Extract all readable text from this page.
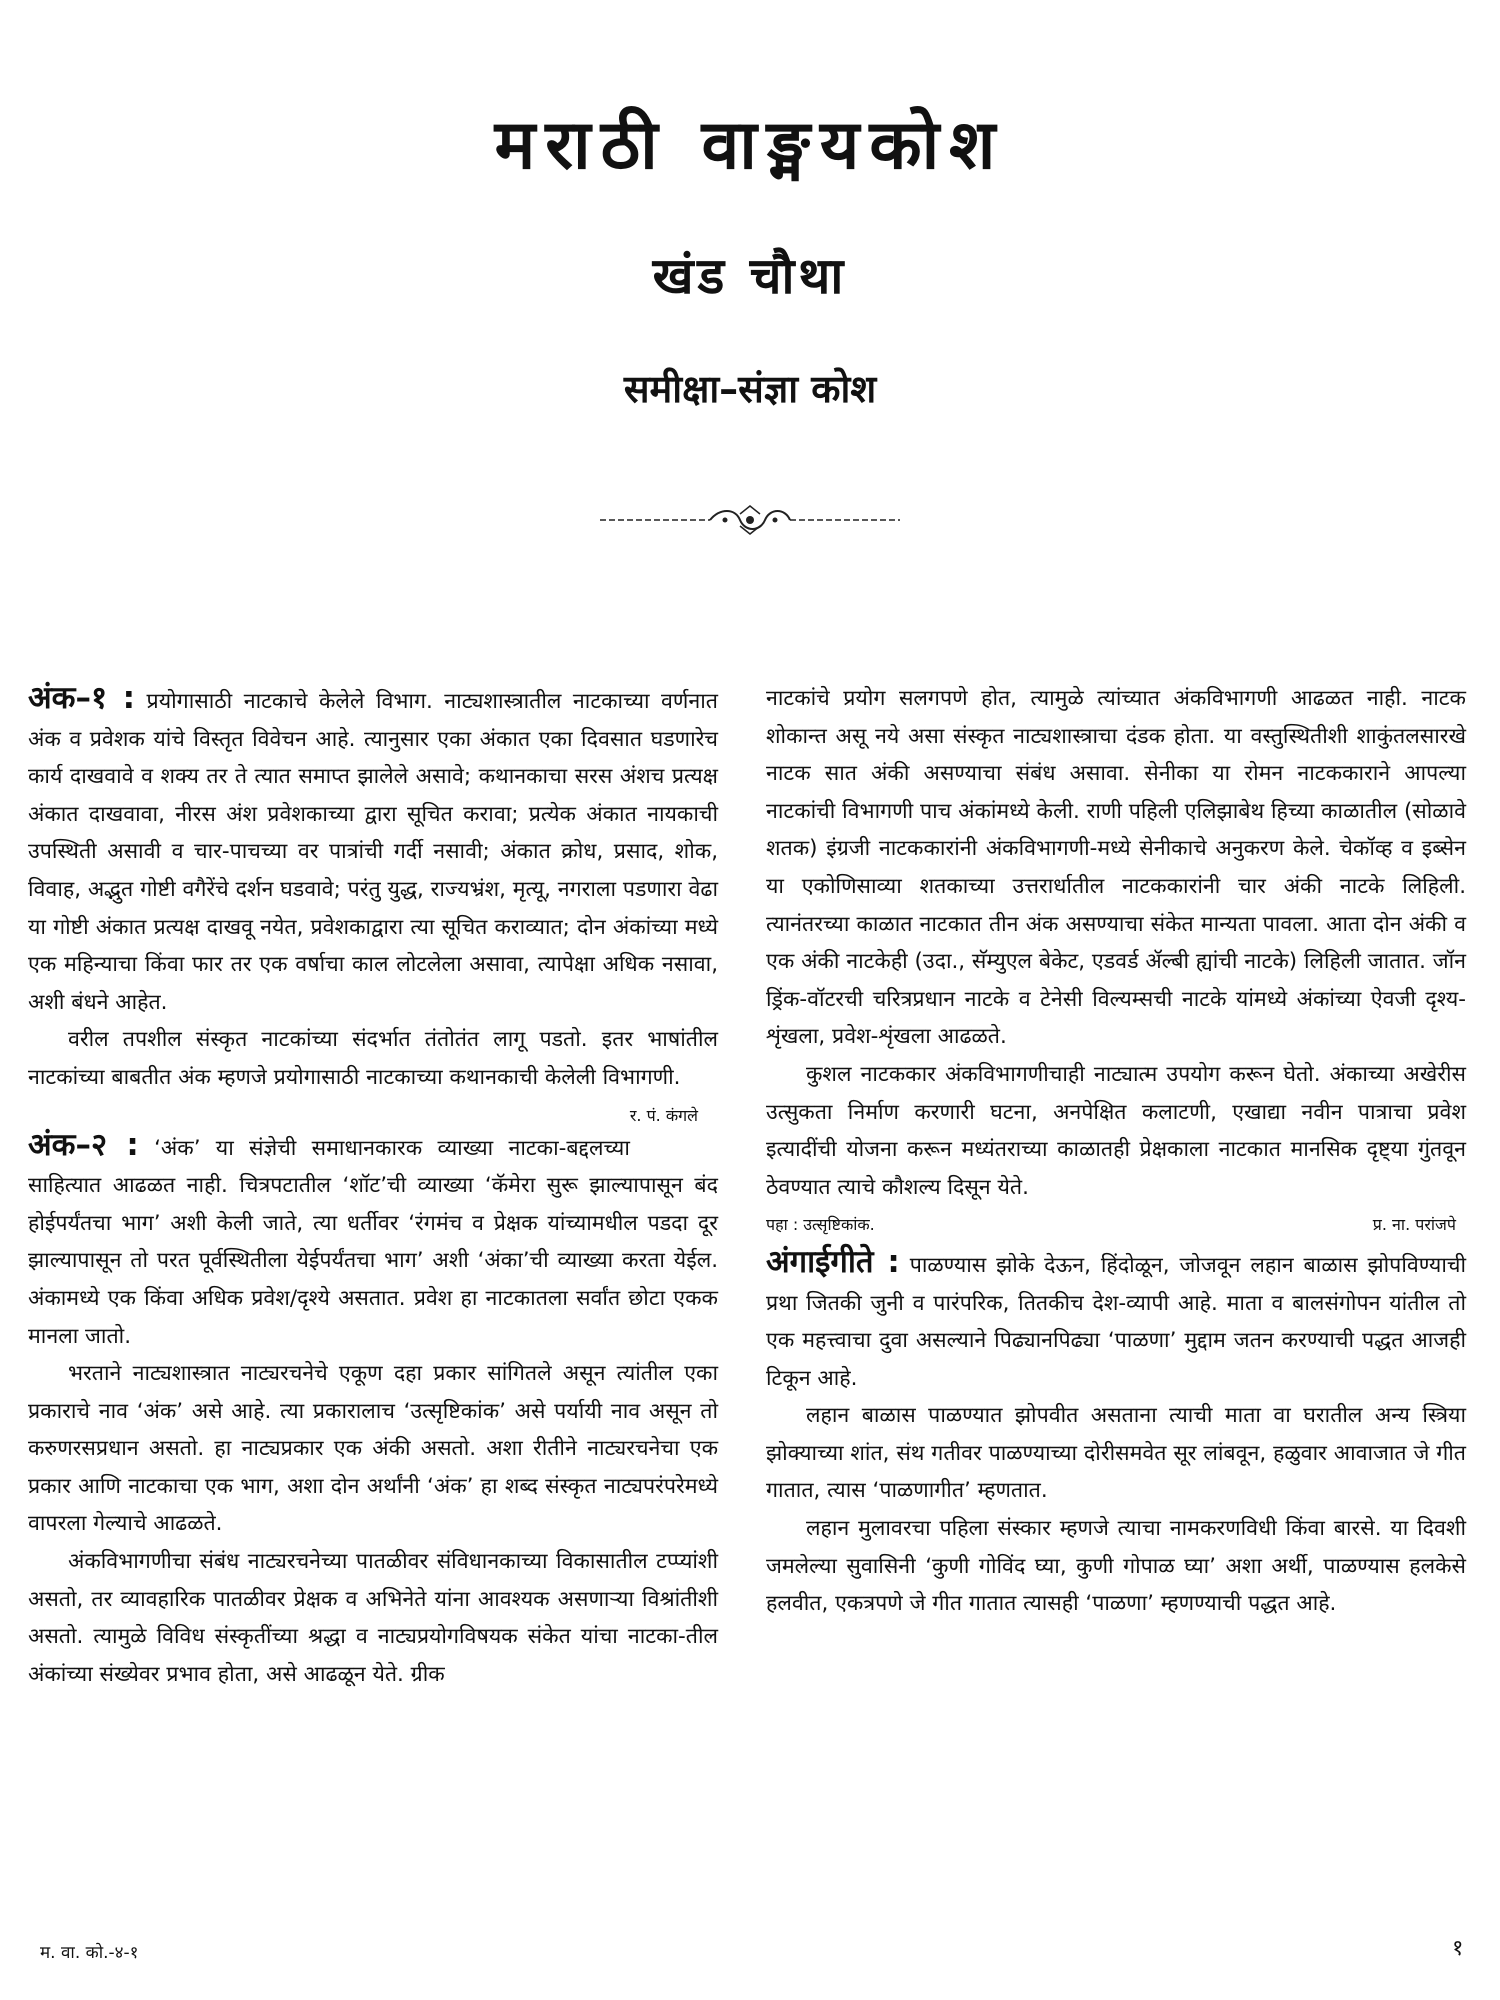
मराठी वाङ्मयकोश
खंड चौथा
समीक्षा–संज्ञा कोश

अंक–१ : प्रयोगासाठी नाटकाचे केलेले विभाग. नाट्यशास्त्रातील नाटकाच्या वर्णनात अंक व प्रवेशक यांचे विस्तृत विवेचन आहे. त्यानुसार एका अंकात एका दिवसात घडणारेच कार्य दाखवावे व शक्य तर ते त्यात समाप्त झालेले असावे; कथानकाचा सरस अंशच प्रत्यक्ष अंकात दाखवावा, नीरस अंश प्रवेशकाच्या द्वारा सूचित करावा; प्रत्येक अंकात नायकाची उपस्थिती असावी व चार-पाचच्या वर पात्रांची गर्दी नसावी; अंकात क्रोध, प्रसाद, शोक, विवाह, अद्भुत गोष्टी वगैरेंचे दर्शन घडवावे; परंतु युद्ध, राज्यभ्रंश, मृत्यू, नगराला पडणारा वेढा या गोष्टी अंकात प्रत्यक्ष दाखवू नयेत, प्रवेशकाद्वारा त्या सूचित कराव्यात; दोन अंकांच्या मध्ये एक महिन्याचा किंवा फार तर एक वर्षाचा काल लोटलेला असावा, त्यापेक्षा अधिक नसावा, अशी बंधने आहेत.

वरील तपशील संस्कृत नाटकांच्या संदर्भात तंतोतंत लागू पडतो. इतर भाषांतील नाटकांच्या बाबतीत अंक म्हणजे प्रयोगासाठी नाटकाच्या कथानकाची केलेली विभागणी.

र. पं. कंगले

अंक–२ : ‘अंक’ या संज्ञेची समाधानकारक व्याख्या नाटका-बद्दलच्या साहित्यात आढळत नाही. चित्रपटातील ‘शॉट’ची व्याख्या ‘कॅमेरा सुरू झाल्यापासून बंद होईपर्यंतचा भाग’ अशी केली जाते, त्या धर्तीवर ‘रंगमंच व प्रेक्षक यांच्यामधील पडदा दूर झाल्यापासून तो परत पूर्वस्थितीला येईपर्यंतचा भाग’ अशी ‘अंका’ची व्याख्या करता येईल. अंकामध्ये एक किंवा अधिक प्रवेश/दृश्ये असतात. प्रवेश हा नाटकातला सर्वांत छोटा एकक मानला जातो.

भरताने नाट्यशास्त्रात नाट्यरचनेचे एकूण दहा प्रकार सांगितले असून त्यांतील एका प्रकाराचे नाव ‘अंक’ असे आहे. त्या प्रकारालाच ‘उत्सृष्टिकांक’ असे पर्यायी नाव असून तो करुणरसप्रधान असतो. हा नाट्यप्रकार एक अंकी असतो. अशा रीतीने नाट्यरचनेचा एक प्रकार आणि नाटकाचा एक भाग, अशा दोन अर्थांनी ‘अंक’ हा शब्द संस्कृत नाट्यपरंपरेमध्ये वापरला गेल्याचे आढळते.

अंकविभागणीचा संबंध नाट्यरचनेच्या पातळीवर संविधानकाच्या विकासातील टप्प्यांशी असतो, तर व्यावहारिक पातळीवर प्रेक्षक व अभिनेते यांना आवश्यक असणाऱ्या विश्रांतीशी असतो. त्यामुळे विविध संस्कृतींच्या श्रद्धा व नाट्यप्रयोगविषयक संकेत यांचा नाटका-तील अंकांच्या संख्येवर प्रभाव होता, असे आढळून येते. ग्रीक

नाटकांचे प्रयोग सलगपणे होत, त्यामुळे त्यांच्यात अंकविभागणी आढळत नाही. नाटक शोकान्त असू नये असा संस्कृत नाट्यशास्त्राचा दंडक होता. या वस्तुस्थितीशी शाकुंतलसारखे नाटक सात अंकी असण्याचा संबंध असावा. सेनीका या रोमन नाटककाराने आपल्या नाटकांची विभागणी पाच अंकांमध्ये केली. राणी पहिली एलिझाबेथ हिच्या काळातील (सोळावे शतक) इंग्रजी नाटककारांनी अंकविभागणी-मध्ये सेनीकाचे अनुकरण केले. चेकॉव्ह व इब्सेन या एकोणिसाव्या शतकाच्या उत्तरार्धातील नाटककारांनी चार अंकी नाटके लिहिली. त्यानंतरच्या काळात नाटकात तीन अंक असण्याचा संकेत मान्यता पावला. आता दोन अंकी व एक अंकी नाटकेही (उदा., सॅम्युएल बेकेट, एडवर्ड ॲल्बी ह्यांची नाटके) लिहिली जातात. जॉन ड्रिंक-वॉटरची चरित्रप्रधान नाटके व टेनेसी विल्यम्सची नाटके यांमध्ये अंकांच्या ऐवजी दृश्य-शृंखला, प्रवेश-शृंखला आढळते.

कुशल नाटककार अंकविभागणीचाही नाट्यात्म उपयोग करून घेतो. अंकाच्या अखेरीस उत्सुकता निर्माण करणारी घटना, अनपेक्षित कलाटणी, एखाद्या नवीन पात्राचा प्रवेश इत्यादींची योजना करून मध्यंतराच्या काळातही प्रेक्षकाला नाटकात मानसिक दृष्ट्या गुंतवून ठेवण्यात त्याचे कौशल्य दिसून येते.

पहा : उत्सृष्टिकांक.	प्र. ना. परांजपे

अंगाईगीते : पाळण्यास झोके देऊन, हिंदोळून, जोजवून लहान बाळास झोपविण्याची प्रथा जितकी जुनी व पारंपरिक, तितकीच देश-व्यापी आहे. माता व बालसंगोपन यांतील तो एक महत्त्वाचा दुवा असल्याने पिढ्यानपिढ्या ‘पाळणा’ मुद्दाम जतन करण्याची पद्धत आजही टिकून आहे.

लहान बाळास पाळण्यात झोपवीत असताना त्याची माता वा घरातील अन्य स्त्रिया झोक्याच्या शांत, संथ गतीवर पाळण्याच्या दोरीसमवेत सूर लांबवून, हळुवार आवाजात जे गीत गातात, त्यास ‘पाळणागीत’ म्हणतात.

लहान मुलावरचा पहिला संस्कार म्हणजे त्याचा नामकरणविधी किंवा बारसे. या दिवशी जमलेल्या सुवासिनी ‘कुणी गोविंद घ्या, कुणी गोपाळ घ्या’ अशा अर्थी, पाळण्यास हलकेसे हलवीत, एकत्रपणे जे गीत गातात त्यासही ‘पाळणा’ म्हणण्याची पद्धत आहे.

म. वा. को.-४-१	१
